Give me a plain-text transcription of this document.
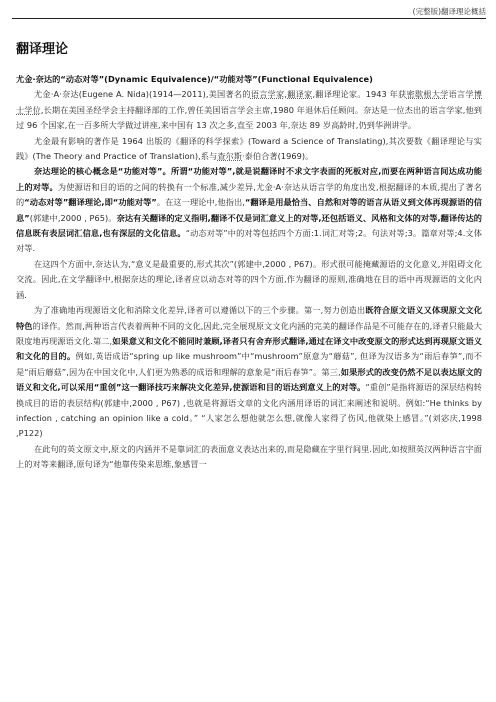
(完整版)翻译理论概括
翻译理论

尤金·奈达的“动态对等”(Dynamic Equivalence)/“功能对等”(Functional Equivalence)

尤金·A·奈达(Eugene A. Nida)(1914—2011),美国著名的语言学家,翻译家,翻译理论家。1943 年获密歇根大学语言学博士学位,长期在美国圣经学会主持翻译部的工作,曾任美国语言学会主席,1980 年退休后任顾问。奈达是一位杰出的语言学家,他到过 96 个国家,在一百多所大学做过讲座,来中国有 13 次之多,直至 2003 年,奈达 89 岁高龄时,仍到华洲讲学。

尤金最有影响的著作是 1964 出版的《翻译的科学探索》(Toward a Science of Translating),其次要数《翻译理论与实践》(The Theory and Practice of Translation),系与查尔斯·泰伯合著(1969)。

奈达理论的核心概念是“功能对等”。所谓“功能对等”,就是说翻译时不求文字表面的死板对应,而要在两种语言间达成功能上的对等。为使源语和目的语的之间的转换有一个标准,减少差异,尤金·A·奈达从语言学的角度出发,根据翻译的本质,提出了著名的“动态对等”翻译理论,即“功能对等”。在这一理论中,他指出,“翻译是用最恰当、自然和对等的语言从语义到文体再现源语的信息”(郭建中,2000 , P65)。奈达有关翻译的定义指明,翻译不仅是词汇意义上的对等,还包括语义、风格和文体的对等,翻译传达的信息既有表层词汇信息,也有深层的文化信息。“动态对等”中的对等包括四个方面:1.词汇对等;2。句法对等;3。篇章对等;4.文体对等.

在这四个方面中,奈达认为,“意义是最重要的,形式其次”(郭建中,2000 , P67)。形式很可能掩藏源语的文化意义,并阻碍文化交流。因此,在文学翻译中,根据奈达的理论,译者应以动态对等的四个方面,作为翻译的原则,准确地在目的语中再现源语的文化内涵.

为了准确地再现源语文化和消除文化差异,译者可以遵循以下的三个步骤。第一,努力创造出既符合原文语义又体现原文文化特色的译作。然而,两种语言代表着两种不同的文化,因此,完全展现原文文化内涵的完美的翻译作品是不可能存在的,译者只能最大限度地再现源语文化.第二,如果意义和文化不能同时兼顾,译者只有舍弃形式翻译,通过在译文中改变原文的形式达到再现原文语义和文化的目的。例如,英语成语“spring up like mushroom”中“mushroom”原意为“蘑菇”, 但译为汉语多为“雨后春笋”,而不是“雨后蘑菇”,因为在中国文化中,人们更为熟悉的成语和理解的意象是“雨后春笋”。第三,如果形式的改变仍然不足以表达原文的语义和文化,可以采用“重创”这一翻译技巧来解决文化差异,使源语和目的语达到意义上的对等。“重创”是指将源语的深层结构转换成目的语的表层结构(郭建中,2000 , P67) ,也就是将源语文章的文化内涵用译语的词汇来阐述和说明。例如:“He thinks by infection , catching an opinion like a cold。” “人家怎么想他就怎么想,就像人家得了伤风,他就染上感冒。”(刘宓庆,1998 ,P122)

在此句的英文原文中,原文的内涵并不是靠词汇的表面意义表达出来的,而是隐藏在字里行间里.因此,如按照英汉两种语言字面上的对等来翻译,原句译为“他靠传染来思维,象感冒一
